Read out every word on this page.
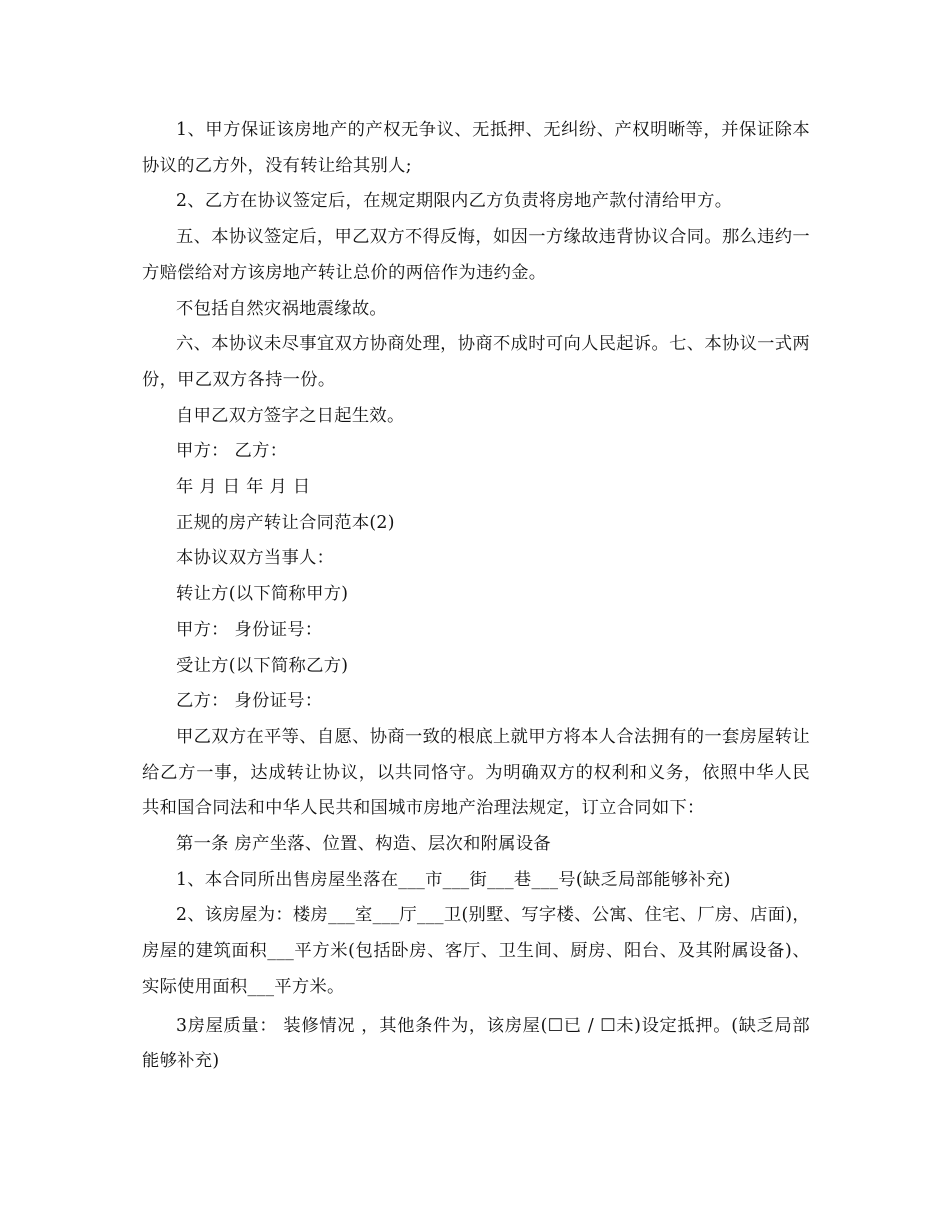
1、甲方保证该房地产的产权无争议、无抵押、无纠纷、产权明晰等，并保证除本协议的乙方外，没有转让给其别人;

2、乙方在协议签定后，在规定期限内乙方负责将房地产款付清给甲方。

五、本协议签定后，甲乙双方不得反悔，如因一方缘故违背协议合同。那么违约一方赔偿给对方该房地产转让总价的两倍作为违约金。

不包括自然灾祸地震缘故。

六、本协议未尽事宜双方协商处理，协商不成时可向人民起诉。七、本协议一式两份，甲乙双方各持一份。

自甲乙双方签字之日起生效。

甲方： 乙方：

年 月 日 年 月 日

正规的房产转让合同范本(2)

本协议双方当事人：

转让方(以下简称甲方)

甲方： 身份证号：

受让方(以下简称乙方)

乙方： 身份证号：

甲乙双方在平等、自愿、协商一致的根底上就甲方将本人合法拥有的一套房屋转让给乙方一事，达成转让协议，以共同恪守。为明确双方的权利和义务，依照中华人民共和国合同法和中华人民共和国城市房地产治理法规定，订立合同如下：

第一条 房产坐落、位置、构造、层次和附属设备

1、本合同所出售房屋坐落在___市___街___巷___号(缺乏局部能够补充)

2、该房屋为：楼房___室___厅___卫(别墅、写字楼、公寓、住宅、厂房、店面)，房屋的建筑面积___平方米(包括卧房、客厅、卫生间、厨房、阳台、及其附属设备)、实际使用面积___平方米。

3房屋质量： 装修情况 ，其他条件为，该房屋(☐已 / ☐未)设定抵押。(缺乏局部能够补充)
